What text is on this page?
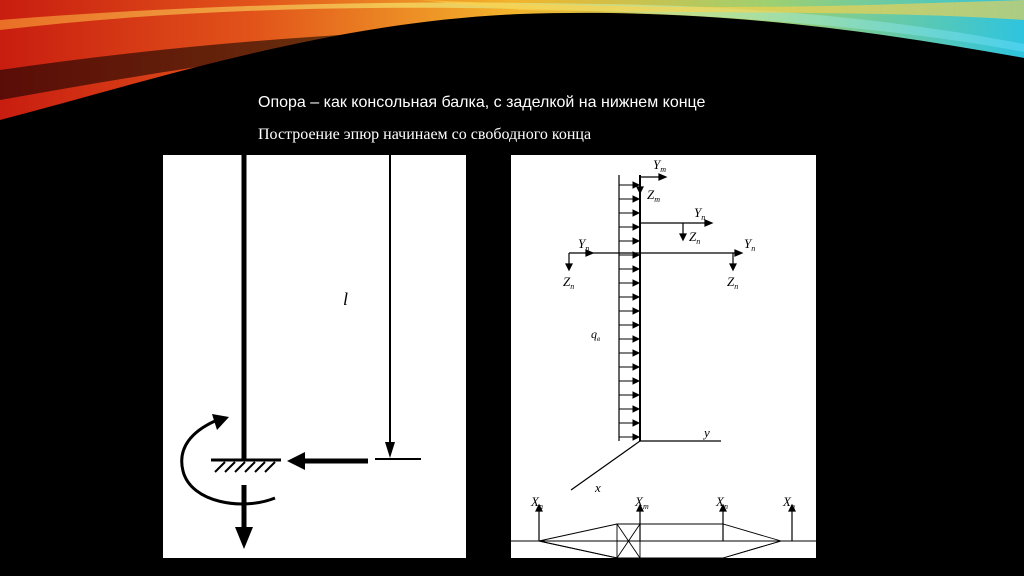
Опора – как консольная балка, с заделкой на нижнем конце
Построение эпюр начинаем со свободного конца
l
$Y_т$
$Z_т$
$Y_п$
$Z_п$
$Y_п$	$Y_п$
$Z_п$	$Z_п$
$q_в$
y
x
$X_п$	$X_т$	$X_п$	$X_п$
